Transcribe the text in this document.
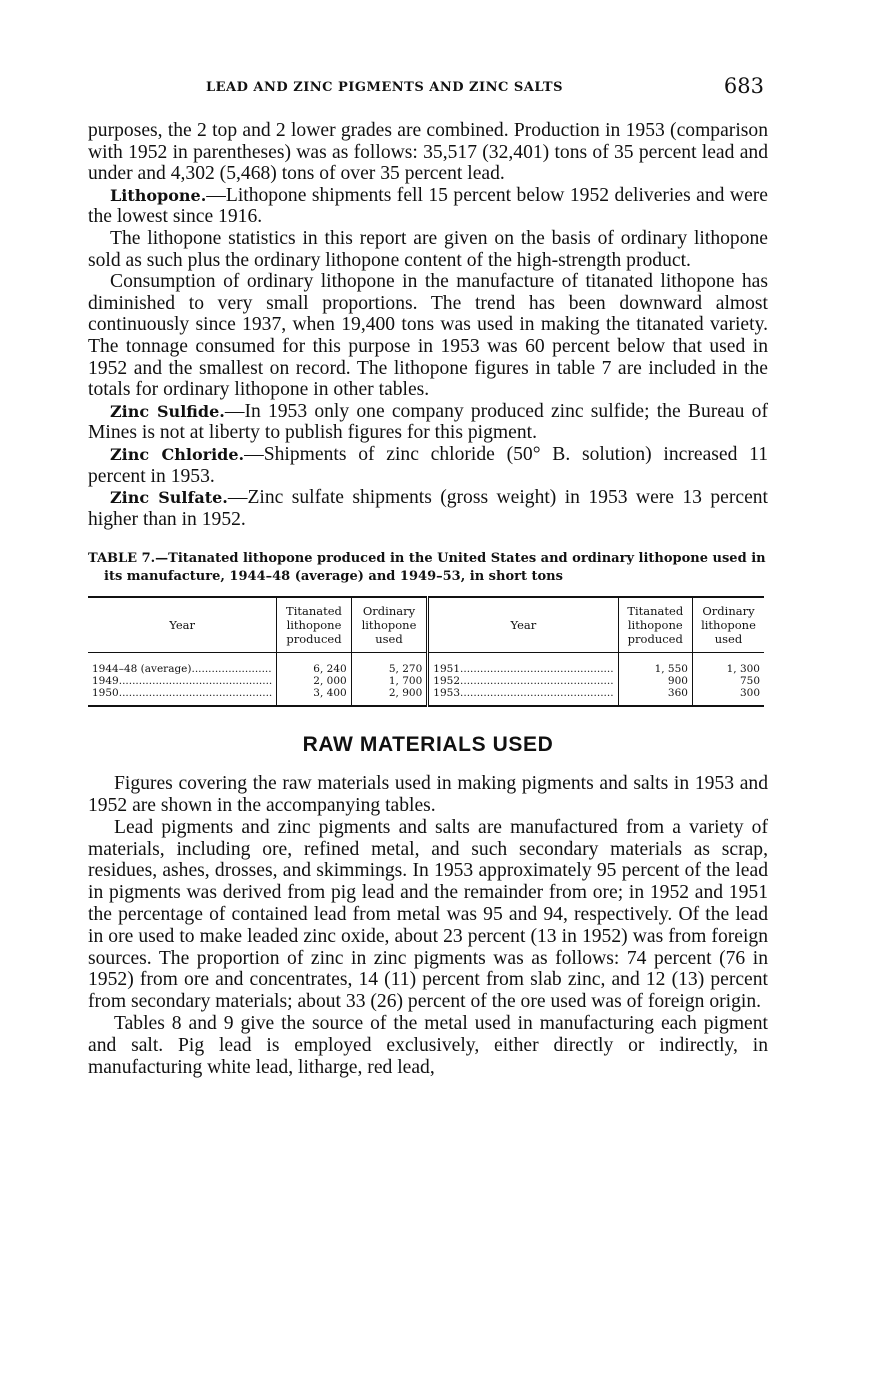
LEAD AND ZINC PIGMENTS AND ZINC SALTS	683

purposes, the 2 top and 2 lower grades are combined. Production in 1953 (comparison with 1952 in parentheses) was as follows: 35,517 (32,401) tons of 35 percent lead and under and 4,302 (5,468) tons of over 35 percent lead.

Lithopone.—Lithopone shipments fell 15 percent below 1952 deliveries and were the lowest since 1916.

The lithopone statistics in this report are given on the basis of ordinary lithopone sold as such plus the ordinary lithopone content of the high-strength product.

Consumption of ordinary lithopone in the manufacture of titanated lithopone has diminished to very small proportions. The trend has been downward almost continuously since 1937, when 19,400 tons was used in making the titanated variety. The tonnage consumed for this purpose in 1953 was 60 percent below that used in 1952 and the smallest on record. The lithopone figures in table 7 are included in the totals for ordinary lithopone in other tables.

Zinc Sulfide.—In 1953 only one company produced zinc sulfide; the Bureau of Mines is not at liberty to publish figures for this pigment.

Zinc Chloride.—Shipments of zinc chloride (50° B. solution) increased 11 percent in 1953.

Zinc Sulfate.—Zinc sulfate shipments (gross weight) in 1953 were 13 percent higher than in 1952.

TABLE 7.—Titanated lithopone produced in the United States and ordinary lithopone used in its manufacture, 1944–48 (average) and 1949–53, in short tons
Year	Titanated lithopone produced	Ordinary lithopone used	Year	Titanated lithopone produced	Ordinary lithopone used
1944–48 (average)........................	6, 240	5, 270	1951..............................................	1, 550	1, 300
1949..............................................	2, 000	1, 700	1952..............................................	900	750
1950..............................................	3, 400	2, 900	1953..............................................	360	300
RAW MATERIALS USED

Figures covering the raw materials used in making pigments and salts in 1953 and 1952 are shown in the accompanying tables.

Lead pigments and zinc pigments and salts are manufactured from a variety of materials, including ore, refined metal, and such secondary materials as scrap, residues, ashes, drosses, and skimmings. In 1953 approximately 95 percent of the lead in pigments was derived from pig lead and the remainder from ore; in 1952 and 1951 the percentage of contained lead from metal was 95 and 94, respectively. Of the lead in ore used to make leaded zinc oxide, about 23 percent (13 in 1952) was from foreign sources. The proportion of zinc in zinc pigments was as follows: 74 percent (76 in 1952) from ore and concentrates, 14 (11) percent from slab zinc, and 12 (13) percent from secondary materials; about 33 (26) percent of the ore used was of foreign origin.

Tables 8 and 9 give the source of the metal used in manufacturing each pigment and salt. Pig lead is employed exclusively, either directly or indirectly, in manufacturing white lead, litharge, red lead,
